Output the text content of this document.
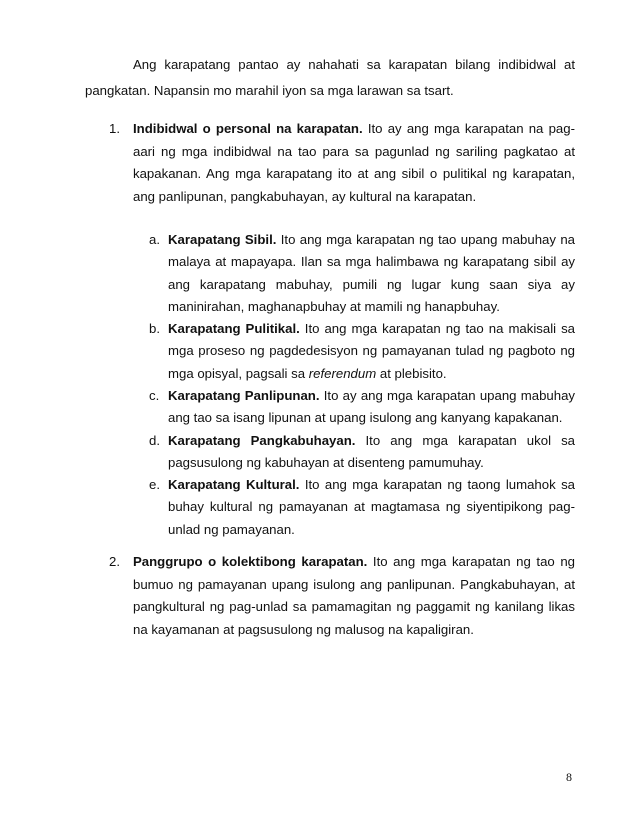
Ang karapatang pantao ay nahahati sa karapatan bilang indibidwal at pangkatan. Napansin mo marahil iyon sa mga larawan sa tsart.

1. Indibidwal o personal na karapatan. Ito ay ang mga karapatan na pag-aari ng mga indibidwal na tao para sa pagunlad ng sariling pagkatao at kapakanan. Ang mga karapatang ito at ang sibil o pulitikal ng karapatan, ang panlipunan, pangkabuhayan, ay kultural na karapatan.

a. Karapatang Sibil. Ito ang mga karapatan ng tao upang mabuhay na malaya at mapayapa. Ilan sa mga halimbawa ng karapatang sibil ay ang karapatang mabuhay, pumili ng lugar kung saan siya ay maninirahan, maghanapbuhay at mamili ng hanapbuhay.

b. Karapatang Pulitikal. Ito ang mga karapatan ng tao na makisali sa mga proseso ng pagdedesisyon ng pamayanan tulad ng pagboto ng mga opisyal, pagsali sa referendum at plebisito.

c. Karapatang Panlipunan. Ito ay ang mga karapatan upang mabuhay ang tao sa isang lipunan at upang isulong ang kanyang kapakanan.

d. Karapatang Pangkabuhayan. Ito ang mga karapatan ukol sa pagsusulong ng kabuhayan at disenteng pamumuhay.

e. Karapatang Kultural. Ito ang mga karapatan ng taong lumahok sa buhay kultural ng pamayanan at magtamasa ng siyentipikong pag-unlad ng pamayanan.

2. Panggrupo o kolektibong karapatan. Ito ang mga karapatan ng tao ng bumuo ng pamayanan upang isulong ang panlipunan. Pangkabuhayan, at pangkultural ng pag-unlad sa pamamagitan ng paggamit ng kanilang likas na kayamanan at pagsusulong ng malusog na kapaligiran.

8
